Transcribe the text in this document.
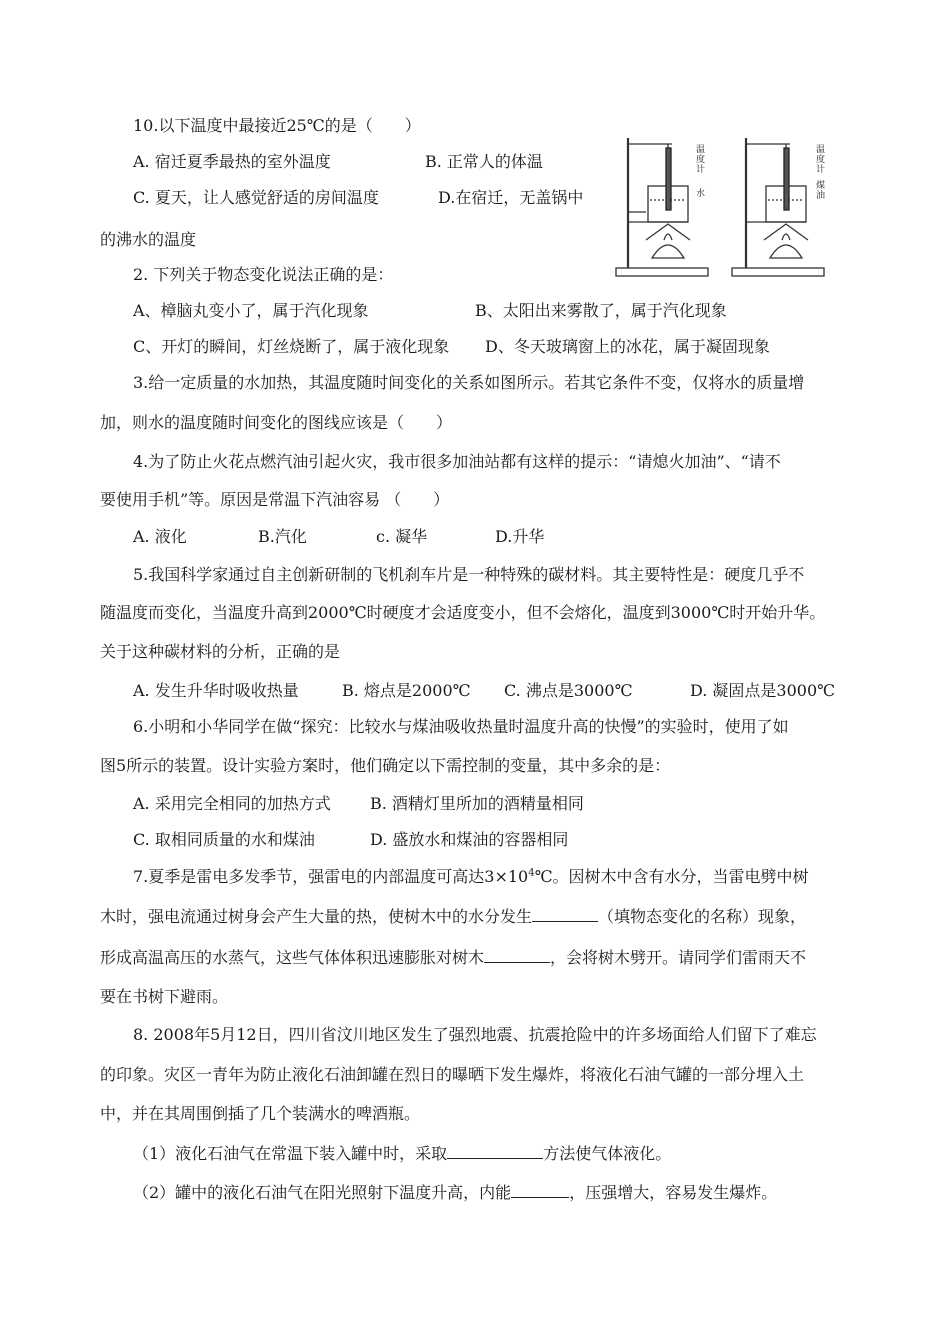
10.以下温度中最接近25℃的是（　　）
A. 宿迁夏季最热的室外温度	B. 正常人的体温
C. 夏天，让人感觉舒适的房间温度	D.在宿迁，无盖锅中
的沸水的温度
温
度
计
水
温
度
计
煤
油
2. 下列关于物态变化说法正确的是：
A、樟脑丸变小了，属于汽化现象	B、太阳出来雾散了，属于汽化现象
C、开灯的瞬间，灯丝烧断了，属于液化现象 D、冬天玻璃窗上的冰花，属于凝固现象
3.给一定质量的水加热，其温度随时间变化的关系如图所示。若其它条件不变，仅将水的质量增
加，则水的温度随时间变化的图线应该是（　　）
4.为了防止火花点燃汽油引起火灾，我市很多加油站都有这样的提示：“请熄火加油”、“请不
要使用手机”等。原因是常温下汽油容易 （　　）
A. 液化	B.汽化	c. 凝华	D.升华
5.我国科学家通过自主创新研制的飞机刹车片是一种特殊的碳材料。其主要特性是：硬度几乎不
随温度而变化，当温度升高到2000℃时硬度才会适度变小，但不会熔化，温度到3000℃时开始升华。
关于这种碳材料的分析，正确的是
A. 发生升华时吸收热量	B. 熔点是2000℃ C. 沸点是3000℃	D. 凝固点是3000℃
6.小明和小华同学在做“探究：比较水与煤油吸收热量时温度升高的快慢”的实验时，使用了如
图5所示的装置。设计实验方案时，他们确定以下需控制的变量，其中多余的是：
A. 采用完全相同的加热方式 B. 酒精灯里所加的酒精量相同
C. 取相同质量的水和煤油	D. 盛放水和煤油的容器相同
7.夏季是雷电多发季节，强雷电的内部温度可高达$3\times 10^4℃$。因树木中含有水分，当雷电劈中树
木时，强电流通过树身会产生大量的热，使树木中的水分发生	（填物态变化的名称）现象，
形成高温高压的水蒸气，这些气体体积迅速膨胀对树木	，会将树木劈开。请同学们雷雨天不
要在书树下避雨。
8. 2008年5月12日，四川省汶川地区发生了强烈地震、抗震抢险中的许多场面给人们留下了难忘
的印象。灾区一青年为防止液化石油卸罐在烈日的曝晒下发生爆炸，将液化石油气罐的一部分埋入土
中，并在其周围倒插了几个装满水的啤酒瓶。
（1）液化石油气在常温下装入罐中时，采取	方法使气体液化。
（2）罐中的液化石油气在阳光照射下温度升高，内能	，压强增大，容易发生爆炸。
